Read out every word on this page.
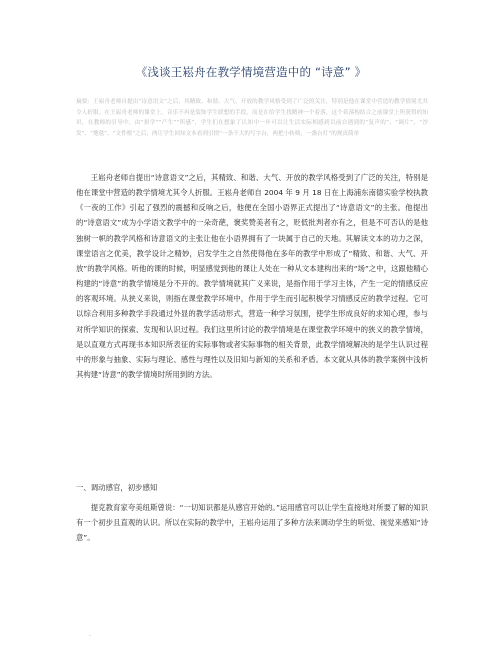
《浅谈王崧舟在教学情境营造中的 “诗意” 》
摘要：王崧舟老师自提出“诗意语文”之后，其精致、和谐、大气、开放的教学风格受到了广泛的关注，特别是他在课堂中营造的教学情境尤其令人折服。在王崧舟老师的课堂上，音乐不再是装饰学生联想的手段，而是在给学生找精神一个着落，这个着落构结合之前课堂上所获得的知识，在教师的引导中，由“拼学”“产生”“所感”，学生们在想象了认知中一步可以让生活实际相感到以前自遇到的“复声的”、“调片”、“沙发”、“地毯”、“文件框”之后，两让学生回知文本看到引情“一条不大的写字台，两把小转椅，一盏台灯”的规真简单

王崧舟老师自提出“诗意语文”之后，其精致、和谐、大气、开放的教学风格受到了广泛的关注，特别是他在课堂中营造的教学情境尤其令人折服。王崧舟老师自 2004 年 9 月 18 日在上海浦东南德实验学校执教《一夜的工作》引起了强烈的震撼和反响之后，他便在全国小语界正式提出了“诗意语文”的主张。他提出的“诗意语文”成为小学语文教学中的一朵奇葩，褒奖赞美者有之，贬低批判者亦有之，但是不可否认的是他独树一帜的教学风格和诗意语文的主张让他在小语界拥有了一块属于自己的天地。其解读文本的功力之深，课堂语言之优美，教学设计之精妙，启发学生之自然使得他在多年的教学中形成了“精致、和谐、大气、开放”的教学风格。听他的课的时候，明显感觉到他的课让人处在一种从文本建构出来的“场”之中，这跟他精心构建的“诗意”的教学情境是分不开的。教学情境就其广义来说，是指作用于学习主体，产生一定的情感反应的客观环境。从狭义来说，则指在课堂教学环境中，作用于学生而引起积极学习情感反应的教学过程。它可以综合利用多种教学手段通过外显的教学活动形式，营造一种学习氛围，使学生形成良好的求知心理，参与对所学知识的探索、发现和认识过程。我们这里所讨论的教学情境是在课堂教学环境中的狭义的教学情境，是以直观方式再现书本知识所表征的实际事物或者实际事物的相关背景，此教学情境解决的是学生认识过程中的形象与抽象、实际与理论、感性与理性以及旧知与新知的关系和矛盾。本文就从具体的教学案例中浅析其构建“诗意”的教学情境时所用到的方法。

一、调动感官，初步感知

提克教育家夸美纽斯曾说：“一切知识都是从感官开始的。”运用感官可以让学生直接地对所要了解的知识有一个初步且直观的认识。所以在实际的教学中，王崧舟运用了多种方法来调动学生的听觉、视觉来感知“诗意”。

.
